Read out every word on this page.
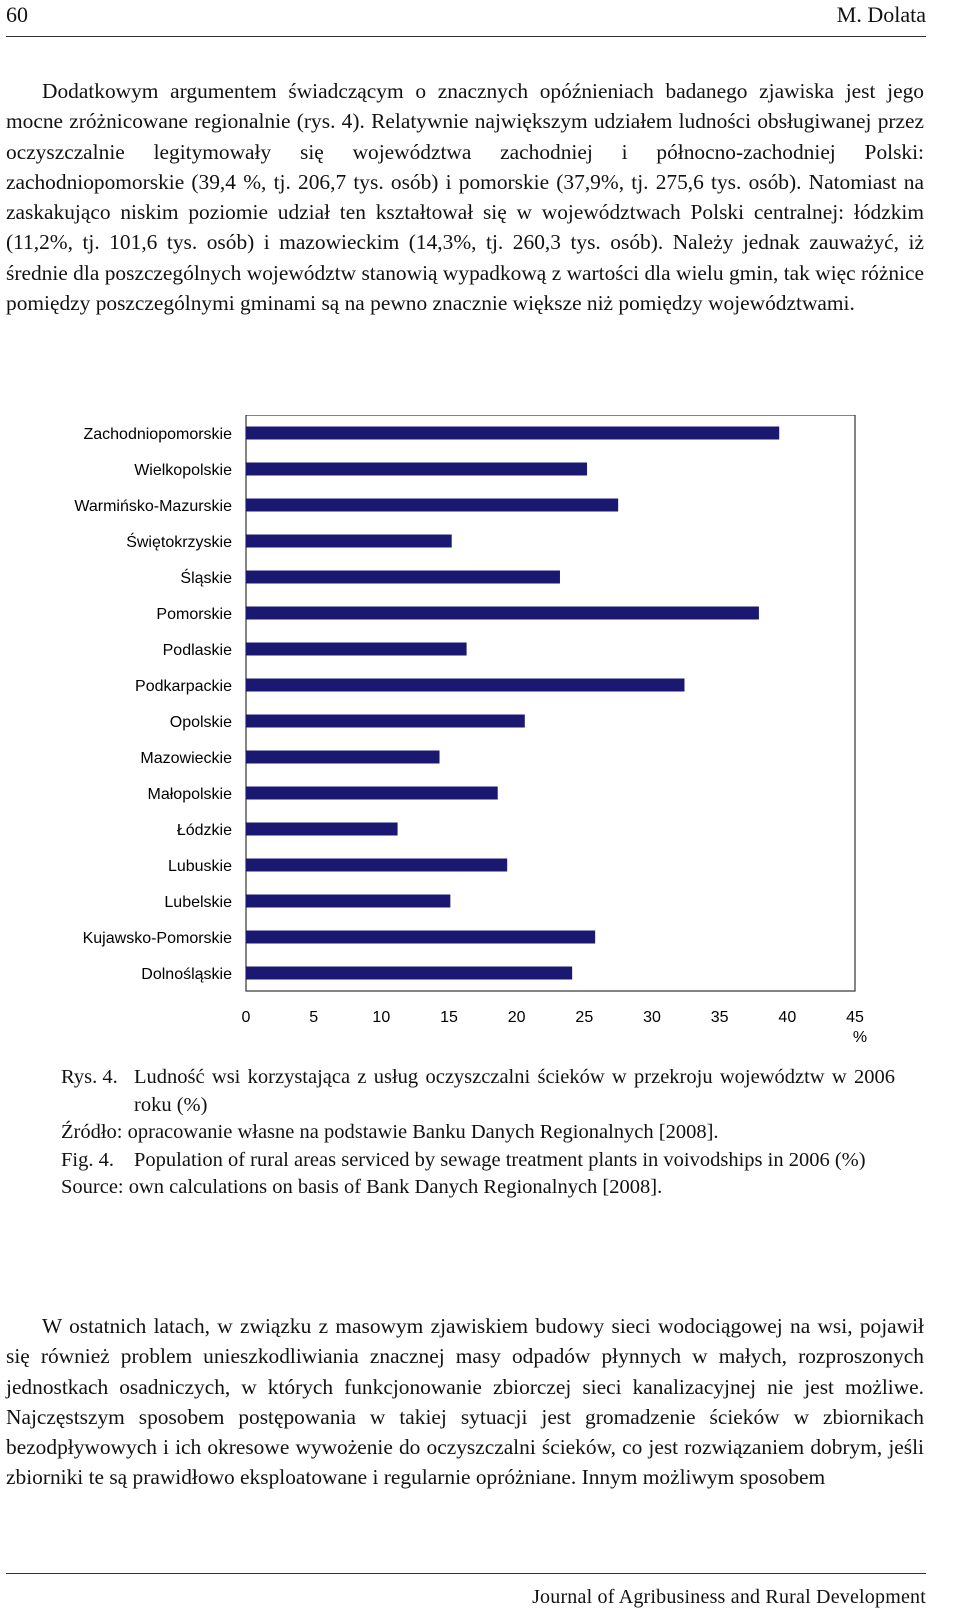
60	M. Dolata

Dodatkowym argumentem świadczącym o znacznych opóźnieniach badanego zjawiska jest jego mocne zróżnicowane regionalnie (rys. 4). Relatywnie największym udziałem ludności obsługiwanej przez oczyszczalnie legitymowały się województwa zachodniej i północno-zachodniej Polski: zachodniopomorskie (39,4 %, tj. 206,7 tys. osób) i pomorskie (37,9%, tj. 275,6 tys. osób). Natomiast na zaskakująco niskim poziomie udział ten kształtował się w województwach Polski centralnej: łódzkim (11,2%, tj. 101,6 tys. osób) i mazowieckim (14,3%, tj. 260,3 tys. osób). Należy jednak zauważyć, iż średnie dla poszczególnych województw stanowią wypadkową z wartości dla wielu gmin, tak więc różnice pomiędzy poszczególnymi gminami są na pewno znacznie większe niż pomiędzy województwami.

Zachodniopomorskie
Wielkopolskie
Warmińsko-Mazurskie
Świętokrzyskie
Śląskie
Pomorskie
Podlaskie
Podkarpackie
Opolskie
Mazowieckie
Małopolskie
Łódzkie
Lubuskie
Lubelskie
Kujawsko-Pomorskie
Dolnośląskie
0	5	10	15	20	25	30	35	40	45
%
Rys. 4. Ludność wsi korzystająca z usług oczyszczalni ścieków w przekroju województw w 2006 roku (%)
Źródło: opracowanie własne na podstawie Banku Danych Regionalnych [2008].
Fig. 4. Population of rural areas serviced by sewage treatment plants in voivodships in 2006 (%)
Source: own calculations on basis of Bank Danych Regionalnych [2008].

W ostatnich latach, w związku z masowym zjawiskiem budowy sieci wodociągowej na wsi, pojawił się również problem unieszkodliwiania znacznej masy odpadów płynnych w małych, rozproszonych jednostkach osadniczych, w których funkcjonowanie zbiorczej sieci kanalizacyjnej nie jest możliwe. Najczęstszym sposobem postępowania w takiej sytuacji jest gromadzenie ścieków w zbiornikach bezodpływowych i ich okresowe wywożenie do oczyszczalni ścieków, co jest rozwiązaniem dobrym, jeśli zbiorniki te są prawidłowo eksploatowane i regularnie opróżniane. Innym możliwym sposobem

Journal of Agribusiness and Rural Development
